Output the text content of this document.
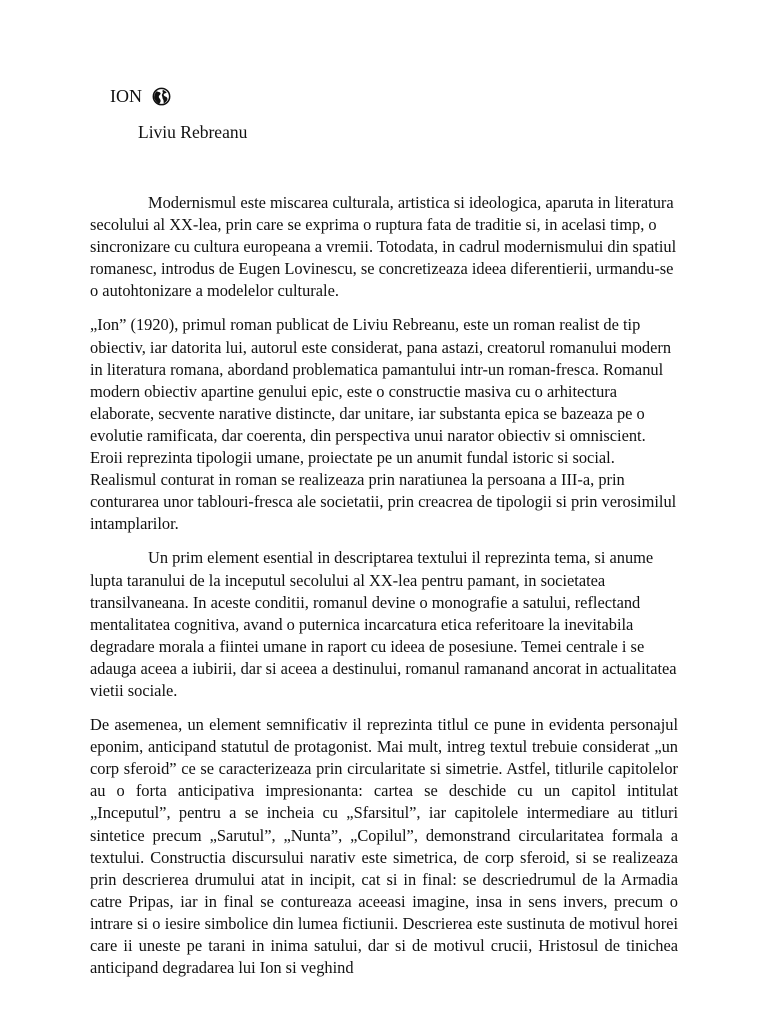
ION
Liviu Rebreanu

Modernismul este miscarea culturala, artistica si ideologica, aparuta in literatura secolului al XX-lea, prin care se exprima o ruptura fata de traditie si, in acelasi timp, o sincronizare cu cultura europeana a vremii. Totodata, in cadrul modernismului din spatiul romanesc, introdus de Eugen Lovinescu, se concretizeaza ideea diferentierii, urmandu-se o autohtonizare a modelelor culturale.

„Ion” (1920), primul roman publicat de Liviu Rebreanu, este un roman realist de tip obiectiv, iar datorita lui, autorul este considerat, pana astazi, creatorul romanului modern in literatura romana, abordand problematica pamantului intr-un roman-fresca. Romanul modern obiectiv apartine genului epic, este o constructie masiva cu o arhitectura elaborate, secvente narative distincte, dar unitare, iar substanta epica se bazeaza pe o evolutie ramificata, dar coerenta, din perspectiva unui narator obiectiv si omniscient. Eroii reprezinta tipologii umane, proiectate pe un anumit fundal istoric si social. Realismul conturat in roman se realizeaza prin naratiunea la persoana a III-a, prin conturarea unor tablouri-fresca ale societatii, prin creacrea de tipologii si prin verosimilul intamplarilor.

Un prim element esential in descriptarea textului il reprezinta tema, si anume lupta taranului de la inceputul secolului al XX-lea pentru pamant, in societatea transilvaneana. In aceste conditii, romanul devine o monografie a satului, reflectand mentalitatea cognitiva, avand o puternica incarcatura etica referitoare la inevitabila degradare morala a fiintei umane in raport cu ideea de posesiune. Temei centrale i se adauga aceea a iubirii, dar si aceea a destinului, romanul ramanand ancorat in actualitatea vietii sociale.

De asemenea, un element semnificativ il reprezinta titlul ce pune in evidenta personajul eponim, anticipand statutul de protagonist. Mai mult, intreg textul trebuie considerat „un corp sferoid” ce se caracterizeaza prin circularitate si simetrie. Astfel, titlurile capitolelor au o forta anticipativa impresionanta: cartea se deschide cu un capitol intitulat „Inceputul”, pentru a se incheia cu „Sfarsitul”, iar capitolele intermediare au titluri sintetice precum „Sarutul”, „Nunta”, „Copilul”, demonstrand circularitatea formala a textului. Constructia discursului narativ este simetrica, de corp sferoid, si se realizeaza prin descrierea drumului atat in incipit, cat si in final: se descriedrumul de la Armadia catre Pripas, iar in final se contureaza aceeasi imagine, insa in sens invers, precum o intrare si o iesire simbolice din lumea fictiunii. Descrierea este sustinuta de motivul horei care ii uneste pe tarani in inima satului, dar si de motivul crucii, Hristosul de tinichea anticipand degradarea lui Ion si veghind
